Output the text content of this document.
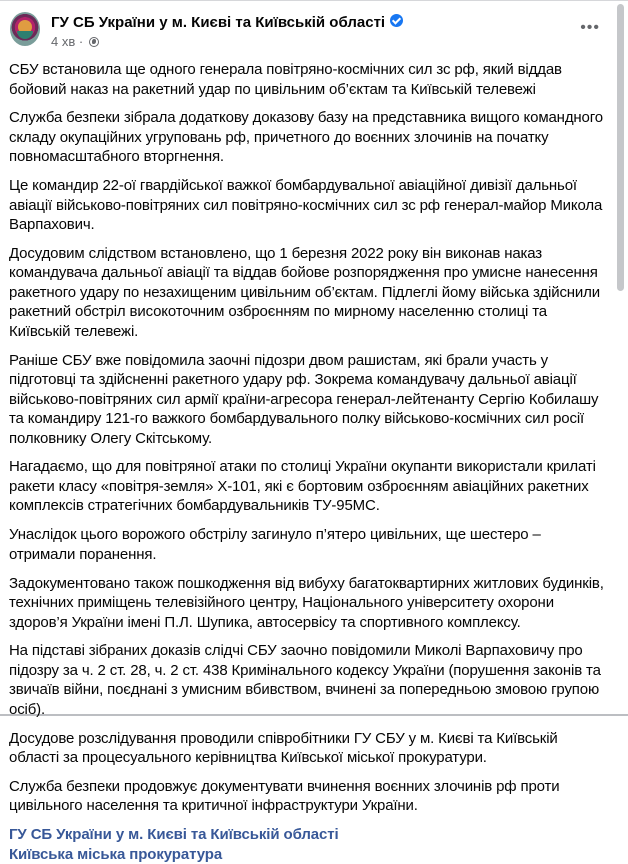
ГУ СБ України у м. Києві та Київській області
4 хв ·
•••

СБУ встановила ще одного генерала повітряно-космічних сил зс рф, який віддав бойовий наказ на ракетний удар по цивільним об’єктам та Київській телевежі

Служба безпеки зібрала додаткову доказову базу на представника вищого командного складу окупаційних угруповань рф, причетного до воєнних злочинів на початку повномасштабного вторгнення.

Це командир 22-ої гвардійської важкої бомбардувальної авіаційної дивізії дальньої авіації військово-повітряних сил повітряно-космічних сил зс рф генерал-майор Микола Варпахович.

Досудовим слідством встановлено, що 1 березня 2022 року він виконав наказ командувача дальньої авіації та віддав бойове розпорядження про умисне нанесення ракетного удару по незахищеним цивільним об’єктам. Підлеглі йому війська здійснили ракетний обстріл високоточним озброєнням по мирному населенню столиці та Київській телевежі.

Раніше СБУ вже повідомила заочні підозри двом рашистам, які брали участь у підготовці та здійсненні ракетного удару рф. Зокрема командувачу дальньої авіації військово-повітряних сил армії країни-агресора генерал-лейтенанту Сергію Кобилашу та командиру 121-го важкого бомбардувального полку військово-космічних сил росії полковнику Олегу Скітському.

Нагадаємо, що для повітряної атаки по столиці України окупанти використали крилаті ракети класу «повітря-земля» Х-101, які є бортовим озброєнням авіаційних ракетних комплексів стратегічних бомбардувальників ТУ-95МС.

Унаслідок цього ворожого обстрілу загинуло п’ятеро цивільних, ще шестеро – отримали поранення.

Задокументовано також пошкодження від вибуху багатоквартирних житлових будинків, технічних приміщень телевізійного центру, Національного університету охорони здоров’я України імені П.Л. Шупика, автосервісу та спортивного комплексу.

На підставі зібраних доказів слідчі СБУ заочно повідомили Миколі Варпаховичу про підозру за ч. 2 ст. 28, ч. 2 ст. 438 Кримінального кодексу України (порушення законів та звичаїв війни, поєднані з умисним вбивством, вчинені за попередньою змовою групою осіб).

Досудове розслідування проводили співробітники ГУ СБУ у м. Києві та Київській області за процесуального керівництва Київської міської прокуратури.

Служба безпеки продовжує документувати вчинення воєнних злочинів рф проти цивільного населення та критичної інфраструктури України.

ГУ СБ України у м. Києві та Київській області
Київська міська прокуратура
